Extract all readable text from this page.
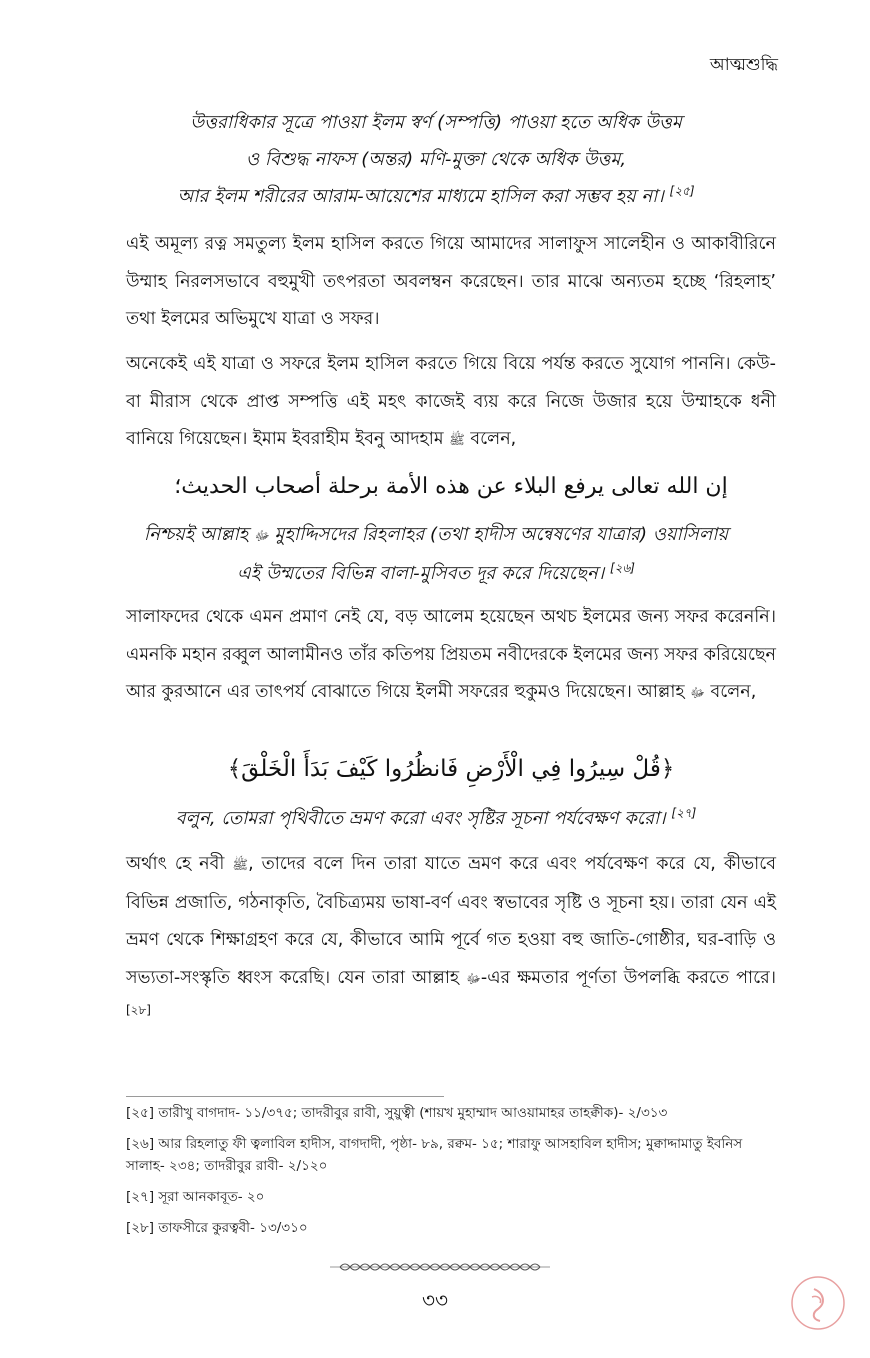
আত্মশুদ্ধি
উত্তরাধিকার সূত্রে পাওয়া ইলম স্বর্ণ (সম্পত্তি) পাওয়া হতে অধিক উত্তম
ও বিশুদ্ধ নাফস (অন্তর) মণি-মুক্তা থেকে অধিক উত্তম,
আর ইলম শরীরের আরাম-আয়েশের মাধ্যমে হাসিল করা সম্ভব হয় না। [২৫]
এই অমূল্য রত্ন সমতুল্য ইলম হাসিল করতে গিয়ে আমাদের সালাফুস সালেহীন ও আকাবীরিনে উম্মাহ নিরলসভাবে বহুমুখী তৎপরতা অবলম্বন করেছেন। তার মাঝে অন্যতম হচ্ছে ‘রিহলাহ’ তথা ইলমের অভিমুখে যাত্রা ও সফর।
অনেকেই এই যাত্রা ও সফরে ইলম হাসিল করতে গিয়ে বিয়ে পর্যন্ত করতে সুযোগ পাননি। কেউ-বা মীরাস থেকে প্রাপ্ত সম্পত্তি এই মহৎ কাজেই ব্যয় করে নিজে উজার হয়ে উম্মাহকে ধনী বানিয়ে গিয়েছেন। ইমাম ইবরাহীম ইবনু আদহাম ﷺ বলেন,
إن الله تعالى يرفع البلاء عن هذه الأمة برحلة أصحاب الحديث؛
নিশ্চয়ই আল্লাহ ﷻ মুহাদ্দিসদের রিহলাহর (তথা হাদীস অন্বেষণের যাত্রার) ওয়াসিলায়
এই উম্মতের বিভিন্ন বালা-মুসিবত দূর করে দিয়েছেন। [২৬]
সালাফদের থেকে এমন প্রমাণ নেই যে, বড় আলেম হয়েছেন অথচ ইলমের জন্য সফর করেননি। এমনকি মহান রব্বুল আলামীনও তাঁর কতিপয় প্রিয়তম নবীদেরকে ইলমের জন্য সফর করিয়েছেন আর কুরআনে এর তাৎপর্য বোঝাতে গিয়ে ইলমী সফরের হুকুমও দিয়েছেন। আল্লাহ ﷻ বলেন,
﴿قُلْ سِيرُوا فِي الْأَرْضِ فَانظُرُوا كَيْفَ بَدَأَ الْخَلْقَ﴾
বলুন, তোমরা পৃথিবীতে ভ্রমণ করো এবং সৃষ্টির সূচনা পর্যবেক্ষণ করো। [২৭]
অর্থাৎ হে নবী ﷺ, তাদের বলে দিন তারা যাতে ভ্রমণ করে এবং পর্যবেক্ষণ করে যে, কীভাবে বিভিন্ন প্রজাতি, গঠনাকৃতি, বৈচিত্র্যময় ভাষা-বর্ণ এবং স্বভাবের সৃষ্টি ও সূচনা হয়। তারা যেন এই ভ্রমণ থেকে শিক্ষাগ্রহণ করে যে, কীভাবে আমি পূর্বে গত হওয়া বহু জাতি-গোষ্ঠীর, ঘর-বাড়ি ও সভ্যতা-সংস্কৃতি ধ্বংস করেছি। যেন তারা আল্লাহ ﷻ-এর ক্ষমতার পূর্ণতা উপলব্ধি করতে পারে।[২৮]
[২৫] তারীখু বাগদাদ- ১১/৩৭৫; তাদরীবুর রাবী, সুয়ুত্বী (শায়খ মুহাম্মাদ আওয়ামাহর তাহক্বীক)- ২/৩১৩
[২৬] আর রিহলাতু ফী ত্বলাবিল হাদীস, বাগদাদী, পৃষ্ঠা- ৮৯, রক্বম- ১৫; শারাফু আসহাবিল হাদীস; মুক্বাদ্দামাতু ইবনিস সালাহ- ২৩৪; তাদরীবুর রাবী- ২/১২০
[২৭] সূরা আনকাবূত- ২০
[২৮] তাফসীরে কুরত্ববী- ১৩/৩১০
৩৩
